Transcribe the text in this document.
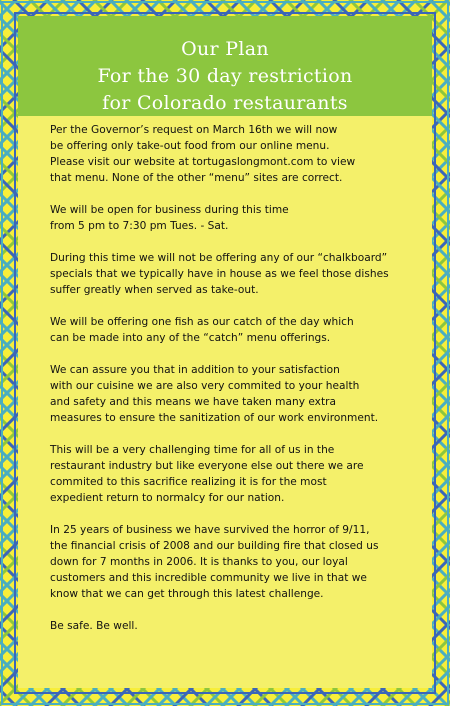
Our Plan
For the 30 day restriction
for Colorado restaurants

Per the Governor’s request on March 16th we will now
be offering only take-out food from our online menu.
Please visit our website at tortugaslongmont.com to view
that menu. None of the other “menu” sites are correct.

We will be open for business during this time
from 5 pm to 7:30 pm Tues. - Sat.

During this time we will not be offering any of our “chalkboard”
specials that we typically have in house as we feel those dishes
suffer greatly when served as take-out.

We will be offering one fish as our catch of the day which
can be made into any of the “catch” menu offerings.

We can assure you that in addition to your satisfaction
with our cuisine we are also very commited to your health
and safety and this means we have taken many extra
measures to ensure the sanitization of our work environment.

This will be a very challenging time for all of us in the
restaurant industry but like everyone else out there we are
commited to this sacrifice realizing it is for the most
expedient return to normalcy for our nation.

In 25 years of business we have survived the horror of 9/11,
the financial crisis of 2008 and our building fire that closed us
down for 7 months in 2006. It is thanks to you, our loyal
customers and this incredible community we live in that we
know that we can get through this latest challenge.

Be safe. Be well.
